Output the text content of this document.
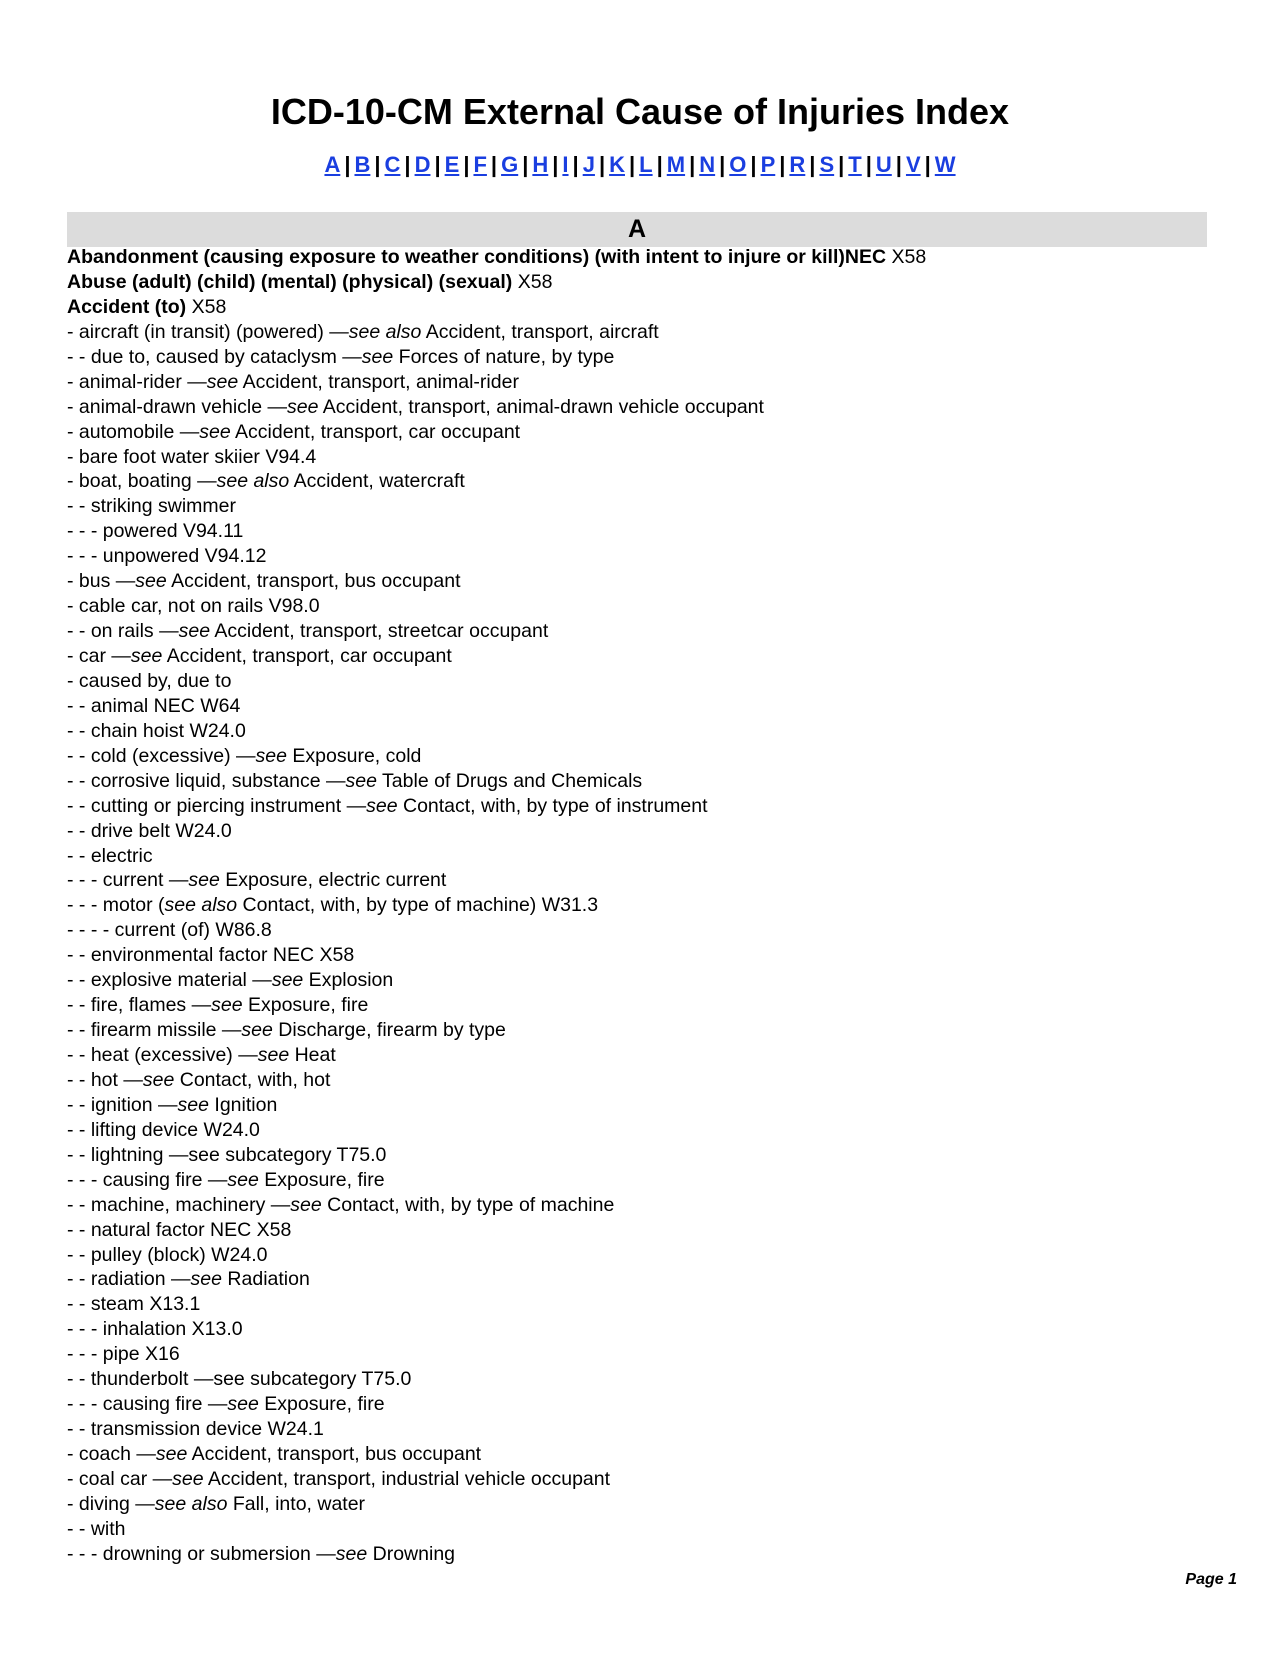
ICD-10-CM External Cause of Injuries Index
A | B | C | D | E | F | G | H | I | J | K | L | M | N | O | P | R | S | T | U | V | W
A
Abandonment (causing exposure to weather conditions) (with intent to injure or kill)NEC X58
Abuse (adult) (child) (mental) (physical) (sexual) X58
Accident (to) X58
- aircraft (in transit) (powered) —see also Accident, transport, aircraft
- - due to, caused by cataclysm —see Forces of nature, by type
- animal-rider —see Accident, transport, animal-rider
- animal-drawn vehicle —see Accident, transport, animal-drawn vehicle occupant
- automobile —see Accident, transport, car occupant
- bare foot water skiier V94.4
- boat, boating —see also Accident, watercraft
- - striking swimmer
- - - powered V94.11
- - - unpowered V94.12
- bus —see Accident, transport, bus occupant
- cable car, not on rails V98.0
- - on rails —see Accident, transport, streetcar occupant
- car —see Accident, transport, car occupant
- caused by, due to
- - animal NEC W64
- - chain hoist W24.0
- - cold (excessive) —see Exposure, cold
- - corrosive liquid, substance —see Table of Drugs and Chemicals
- - cutting or piercing instrument —see Contact, with, by type of instrument
- - drive belt W24.0
- - electric
- - - current —see Exposure, electric current
- - - motor (see also Contact, with, by type of machine) W31.3
- - - - current (of) W86.8
- - environmental factor NEC X58
- - explosive material —see Explosion
- - fire, flames —see Exposure, fire
- - firearm missile —see Discharge, firearm by type
- - heat (excessive) —see Heat
- - hot —see Contact, with, hot
- - ignition —see Ignition
- - lifting device W24.0
- - lightning —see subcategory T75.0
- - - causing fire —see Exposure, fire
- - machine, machinery —see Contact, with, by type of machine
- - natural factor NEC X58
- - pulley (block) W24.0
- - radiation —see Radiation
- - steam X13.1
- - - inhalation X13.0
- - - pipe X16
- - thunderbolt —see subcategory T75.0
- - - causing fire —see Exposure, fire
- - transmission device W24.1
- coach —see Accident, transport, bus occupant
- coal car —see Accident, transport, industrial vehicle occupant
- diving —see also Fall, into, water
- - with
- - - drowning or submersion —see Drowning
Page 1
